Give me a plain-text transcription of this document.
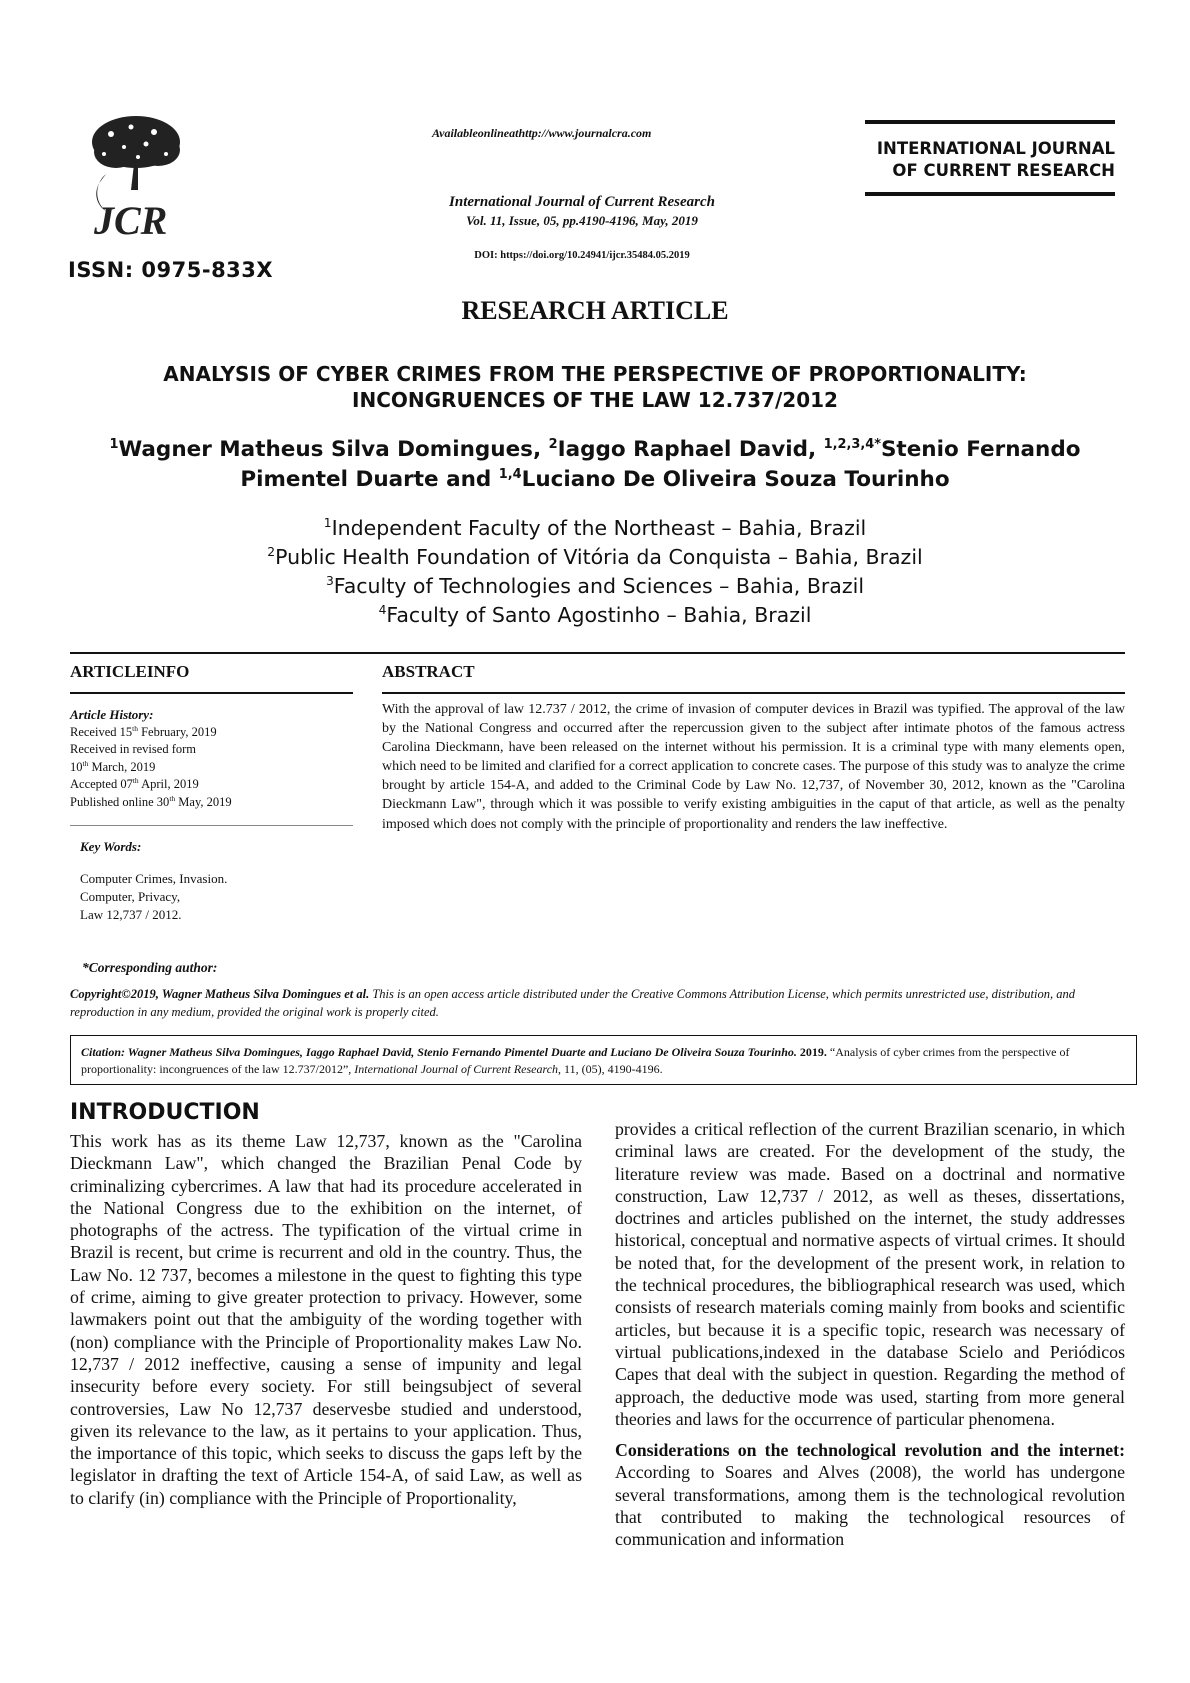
JCR
ISSN: 0975-833X
Availableonlineathttp://www.journalcra.com
International Journal of Current Research
Vol. 11, Issue, 05, pp.4190-4196, May, 2019
DOI: https://doi.org/10.24941/ijcr.35484.05.2019
INTERNATIONAL JOURNAL
OF CURRENT RESEARCH
RESEARCH ARTICLE
ANALYSIS OF CYBER CRIMES FROM THE PERSPECTIVE OF PROPORTIONALITY:
INCONGRUENCES OF THE LAW 12.737/2012
$^1$Wagner Matheus Silva Domingues, $^2$Iaggo Raphael David, $^{1,2,3,4*}$Stenio Fernando Pimentel Duarte and $^{1,4}$Luciano De Oliveira Souza Tourinho
$^1$Independent Faculty of the Northeast – Bahia, Brazil
$^2$Public Health Foundation of Vitória da Conquista – Bahia, Brazil
$^3$Faculty of Technologies and Sciences – Bahia, Brazil
$^4$Faculty of Santo Agostinho – Bahia, Brazil
ARTICLEINFO	ABSTRACT
Article History:
Received 15th February, 2019
Received in revised form
10th March, 2019
Accepted 07th April, 2019
Published online 30th May, 2019
Key Words:
Computer Crimes, Invasion.
Computer, Privacy,
Law 12,737 / 2012.
With the approval of law 12.737 / 2012, the crime of invasion of computer devices in Brazil was typified. The approval of the law by the National Congress and occurred after the repercussion given to the subject after intimate photos of the famous actress Carolina Dieckmann, have been released on the internet without his permission. It is a criminal type with many elements open, which need to be limited and clarified for a correct application to concrete cases. The purpose of this study was to analyze the crime brought by article 154-A, and added to the Criminal Code by Law No. 12,737, of November 30, 2012, known as the "Carolina Dieckmann Law", through which it was possible to verify existing ambiguities in the caput of that article, as well as the penalty imposed which does not comply with the principle of proportionality and renders the law ineffective.
*Corresponding author:
Copyright©2019, Wagner Matheus Silva Domingues et al. This is an open access article distributed under the Creative Commons Attribution License, which permits unrestricted use, distribution, and reproduction in any medium, provided the original work is properly cited.
Citation: Wagner Matheus Silva Domingues, Iaggo Raphael David, Stenio Fernando Pimentel Duarte and Luciano De Oliveira Souza Tourinho. 2019. “Analysis of cyber crimes from the perspective of proportionality: incongruences of the law 12.737/2012”, International Journal of Current Research, 11, (05), 4190-4196.
INTRODUCTION

This work has as its theme Law 12,737, known as the "Carolina Dieckmann Law", which changed the Brazilian Penal Code by criminalizing cybercrimes. A law that had its procedure accelerated in the National Congress due to the exhibition on the internet, of photographs of the actress. The typification of the virtual crime in Brazil is recent, but crime is recurrent and old in the country. Thus, the Law No. 12 737, becomes a milestone in the quest to fighting this type of crime, aiming to give greater protection to privacy. However, some lawmakers point out that the ambiguity of the wording together with (non) compliance with the Principle of Proportionality makes Law No. 12,737 / 2012 ineffective, causing a sense of impunity and legal insecurity before every society. For still beingsubject of several controversies, Law No 12,737 deservesbe studied and understood, given its relevance to the law, as it pertains to your application. Thus, the importance of this topic, which seeks to discuss the gaps left by the legislator in drafting the text of Article 154-A, of said Law, as well as to clarify (in) compliance with the Principle of Proportionality,

provides a critical reflection of the current Brazilian scenario, in which criminal laws are created. For the development of the study, the literature review was made. Based on a doctrinal and normative construction, Law 12,737 / 2012, as well as theses, dissertations, doctrines and articles published on the internet, the study addresses historical, conceptual and normative aspects of virtual crimes. It should be noted that, for the development of the present work, in relation to the technical procedures, the bibliographical research was used, which consists of research materials coming mainly from books and scientific articles, but because it is a specific topic, research was necessary of virtual publications,indexed in the database Scielo and Periódicos Capes that deal with the subject in question. Regarding the method of approach, the deductive mode was used, starting from more general theories and laws for the occurrence of particular phenomena.

Considerations on the technological revolution and the internet: According to Soares and Alves (2008), the world has undergone several transformations, among them is the technological revolution that contributed to making the technological resources of communication and information
